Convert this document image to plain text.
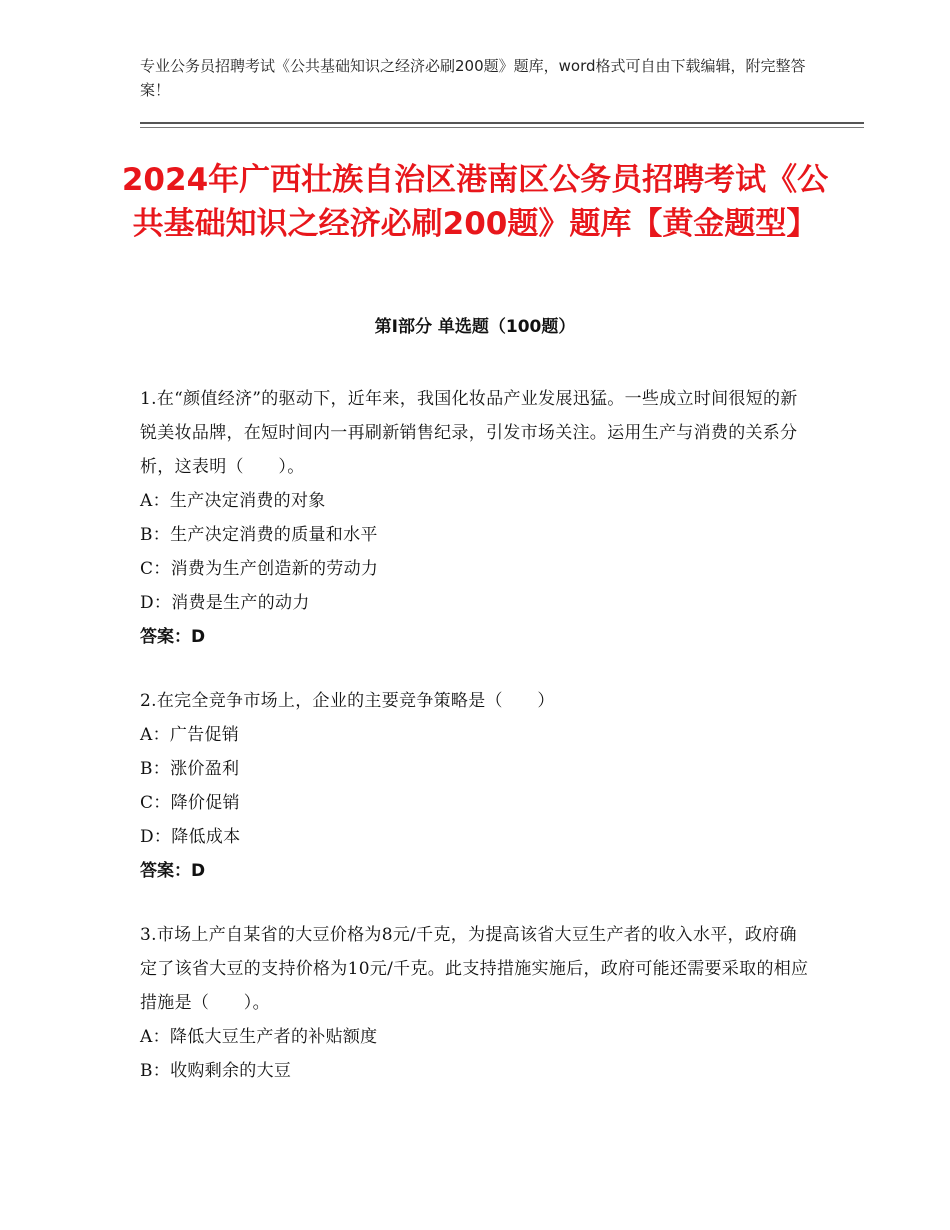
专业公务员招聘考试《公共基础知识之经济必刷200题》题库，word格式可自由下载编辑，附完整答案！
2024年广西壮族自治区港南区公务员招聘考试《公共基础知识之经济必刷200题》题库【黄金题型】
第I部分 单选题（100题）
1.在“颜值经济”的驱动下，近年来，我国化妆品产业发展迅猛。一些成立时间很短的新锐美妆品牌，在短时间内一再刷新销售纪录，引发市场关注。运用生产与消费的关系分析，这表明（　　）。
A：生产决定消费的对象
B：生产决定消费的质量和水平
C：消费为生产创造新的劳动力
D：消费是生产的动力
答案：D
2.在完全竞争市场上，企业的主要竞争策略是（　　）
A：广告促销
B：涨价盈利
C：降价促销
D：降低成本
答案：D
3.市场上产自某省的大豆价格为8元/千克，为提高该省大豆生产者的收入水平，政府确定了该省大豆的支持价格为10元/千克。此支持措施实施后，政府可能还需要采取的相应措施是（　　）。
A：降低大豆生产者的补贴额度
B：收购剩余的大豆
